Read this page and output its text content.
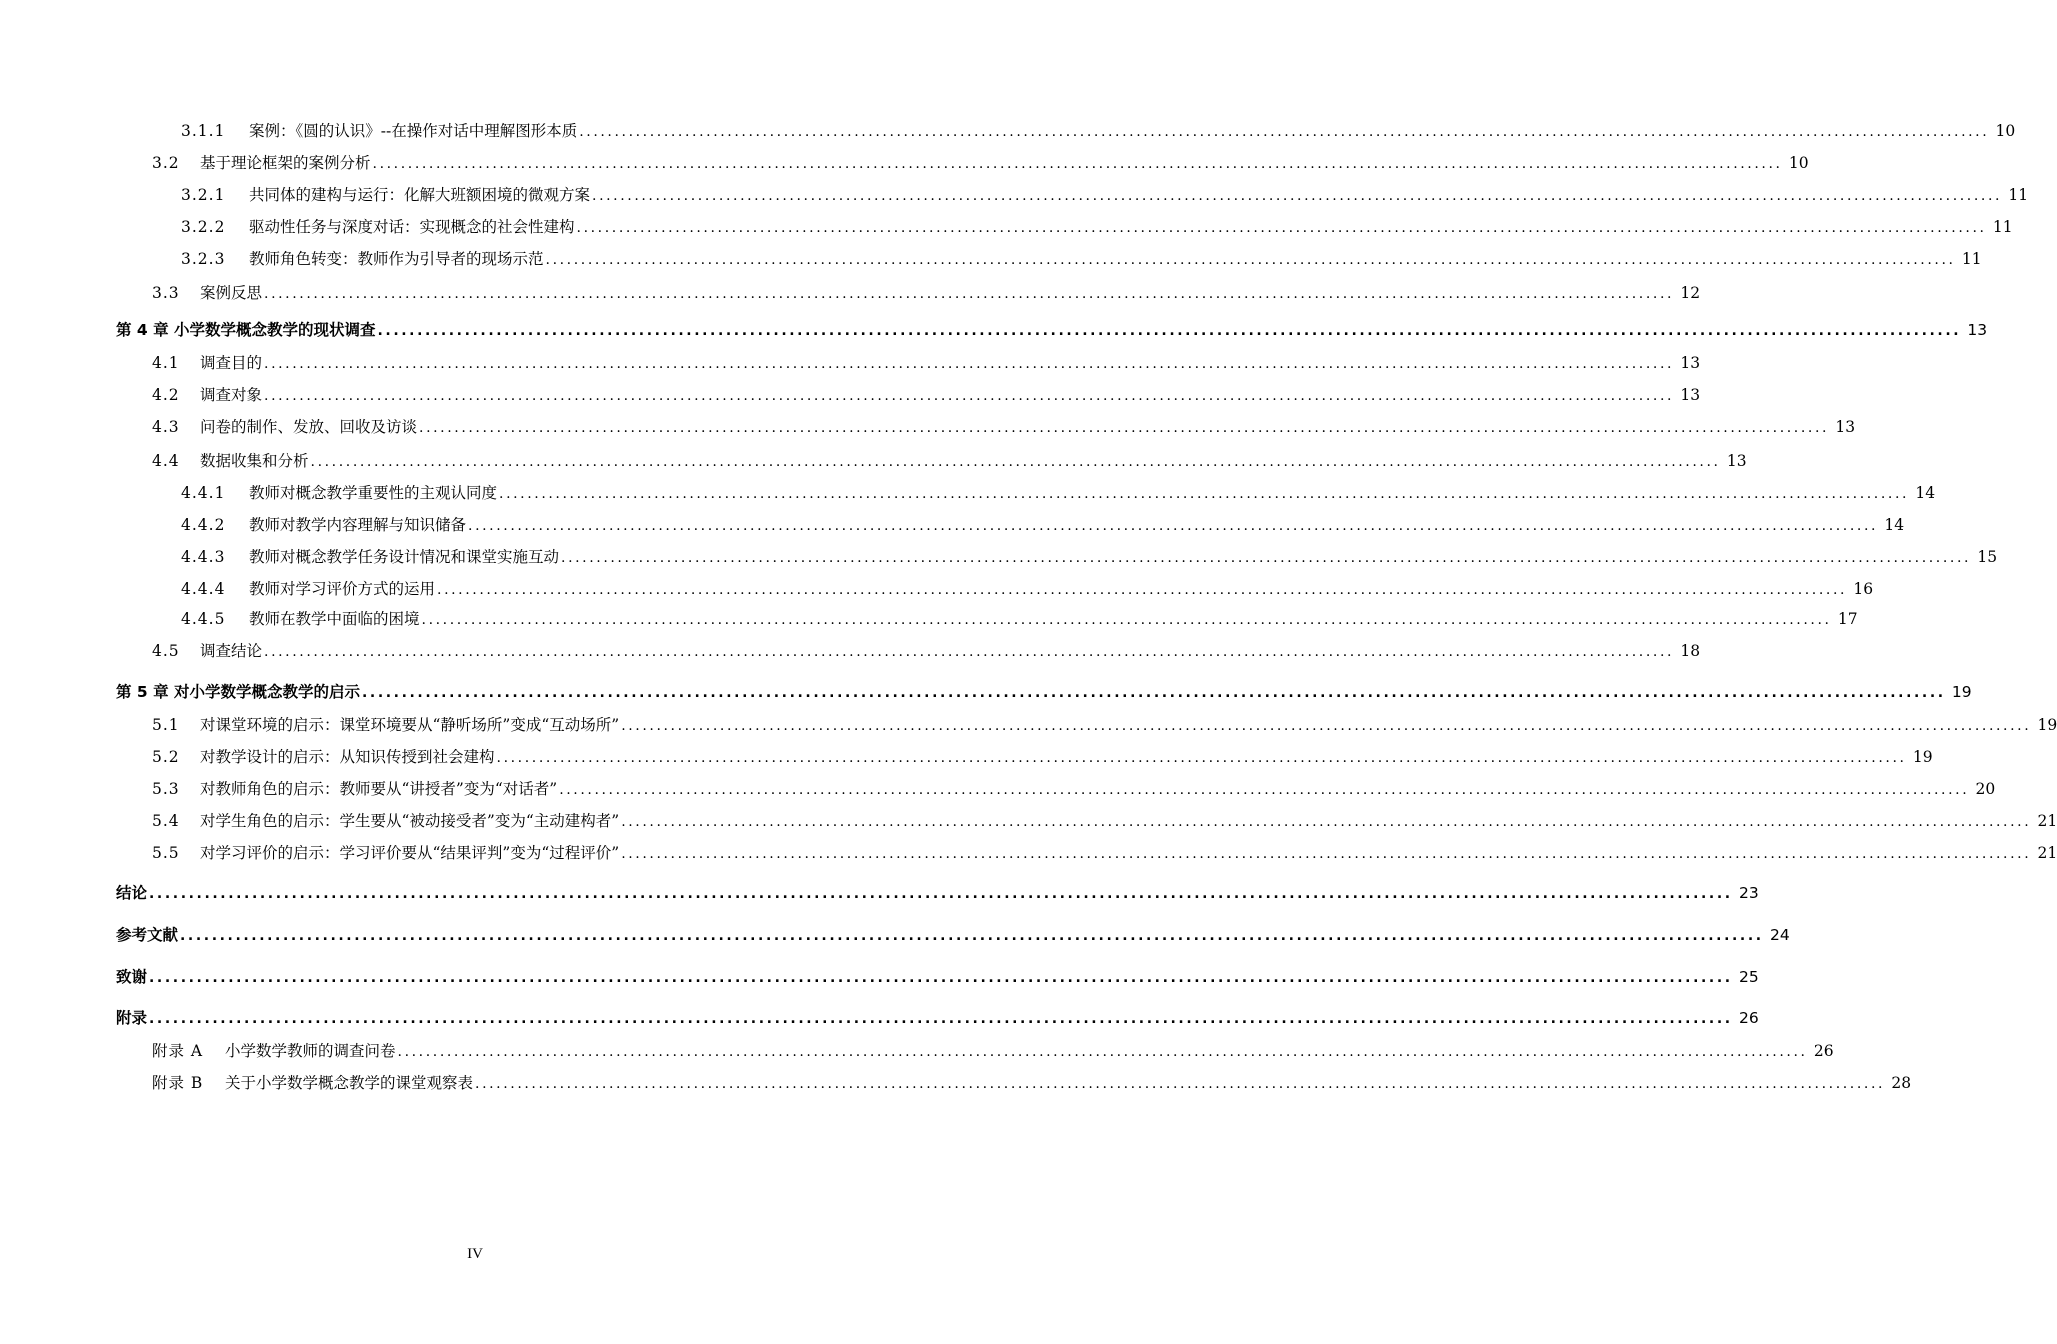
3.1.1 案例：《圆的认识》--在操作对话中理解图形本质 ........................................................................................................................................................................................................ 10
3.2 基于理论框架的案例分析 ........................................................................................................................................................................................................ 10
3.2.1 共同体的建构与运行：化解大班额困境的微观方案 ........................................................................................................................................................................................................ 11
3.2.2 驱动性任务与深度对话：实现概念的社会性建构 ........................................................................................................................................................................................................ 11
3.2.3 教师角色转变：教师作为引导者的现场示范 ........................................................................................................................................................................................................ 11
3.3 案例反思 ........................................................................................................................................................................................................ 12
第 4 章 小学数学概念教学的现状调查 ........................................................................................................................................................................................................ 13
4.1 调查目的 ........................................................................................................................................................................................................ 13
4.2 调查对象 ........................................................................................................................................................................................................ 13
4.3 问卷的制作、发放、回收及访谈 ........................................................................................................................................................................................................ 13
4.4 数据收集和分析 ........................................................................................................................................................................................................ 13
4.4.1 教师对概念教学重要性的主观认同度 ........................................................................................................................................................................................................ 14
4.4.2 教师对教学内容理解与知识储备 ........................................................................................................................................................................................................ 14
4.4.3 教师对概念教学任务设计情况和课堂实施互动 ........................................................................................................................................................................................................ 15
4.4.4 教师对学习评价方式的运用 ........................................................................................................................................................................................................ 16
4.4.5 教师在教学中面临的困境 ........................................................................................................................................................................................................ 17
4.5 调查结论 ........................................................................................................................................................................................................ 18
第 5 章 对小学数学概念教学的启示 ........................................................................................................................................................................................................ 19
5.1 对课堂环境的启示：课堂环境要从“静听场所”变成“互动场所” ........................................................................................................................................................................................................ 19
5.2 对教学设计的启示：从知识传授到社会建构 ........................................................................................................................................................................................................ 19
5.3 对教师角色的启示：教师要从“讲授者”变为“对话者” ........................................................................................................................................................................................................ 20
5.4 对学生角色的启示：学生要从“被动接受者”变为“主动建构者” ........................................................................................................................................................................................................ 21
5.5 对学习评价的启示：学习评价要从“结果评判”变为“过程评价” ........................................................................................................................................................................................................ 21
结论 ........................................................................................................................................................................................................ 23
参考文献 ........................................................................................................................................................................................................ 24
致谢 ........................................................................................................................................................................................................ 25
附录 ........................................................................................................................................................................................................ 26
附录 A 小学数学教师的调查问卷 ........................................................................................................................................................................................................ 26
附录 B 关于小学数学概念教学的课堂观察表 ........................................................................................................................................................................................................ 28
IV
